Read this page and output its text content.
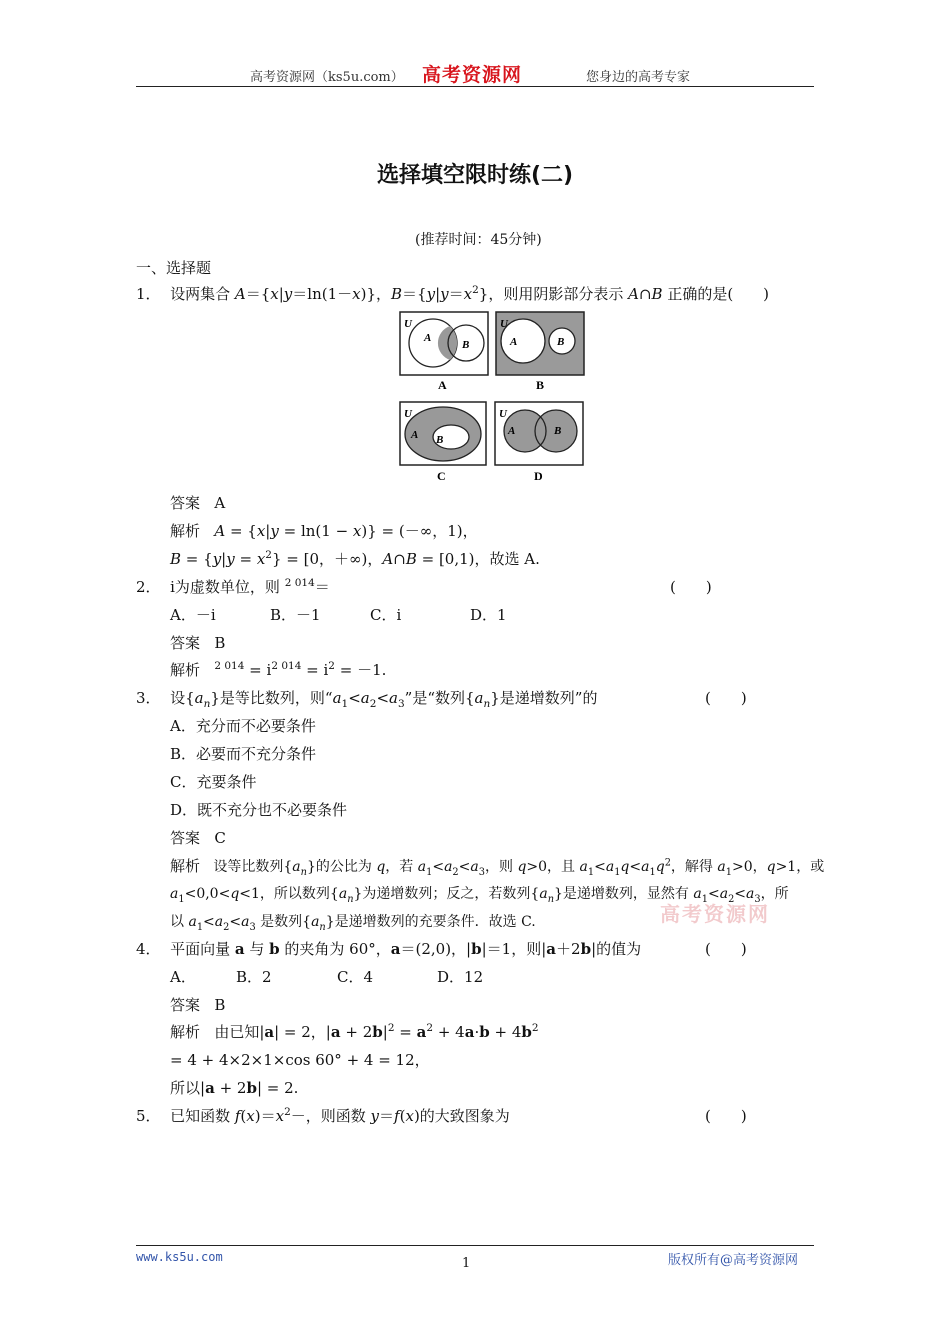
高考资源网（ks5u.com） 高考资源网	您身边的高考专家
选择填空限时练(二)
(推荐时间：45分钟)
一、选择题
1．  设两集合 A＝{x|y＝ln(1－x)}，$B=\{y|y=x^2\}$，则用阴影部分表示 A∩B 正确的是(　　)
U
A
B
A
U
A	B
B
U
A B
C
U
A	B
D
答案 A
解析 A = {x|y = ln(1 − x)} = (－∞，1)，
$B = \{y|y = x^2\} = [0$，＋∞)，A∩B = [0,1)，故选 A.
2． i为虚数单位，则 $^{2 014}$＝	(　　)
A．－i	B．－1	C．i	D．1
答案 B
解析 $^{2 014} = i^{2 014} = i^2 = -1$.
3．  设$\{a_n\}$是等比数列，则“$a_1<a_2<a_3$”是“数列$\{a_n\}$是递增数列”的	(　　)
A．充分而不必要条件
B．必要而不充分条件
C．充要条件
D．既不充分也不必要条件
答案 C
解析   设等比数列$\{a_n\}$的公比为 q，若 $a_1<a_2<a_3$，则 q>0，且 $a_1<a_1q<a_1q^2$，解得 $a_1>0$，q>1，或
$a_1<0,0<q<1$，所以数列$\{a_n\}$为递增数列；反之，若数列$\{a_n\}$是递增数列，显然有 $a_1<a_2<a_3$，所
以 $a_1<a_2<a_3$ 是数列$\{a_n\}$是递增数列的充要条件．故选 C.	高考资源网
4．  平面向量 a 与 b 的夹角为 60°，a＝(2,0)，|b|＝1，则|a＋2b|的值为	(　　)
A．	B．2	C．4	D．12
答案 B
解析   由已知|a| = 2，$|a + 2b|^2 = a^2 + 4a\cdot b + 4b^2$
= 4 + 4×2×1×cos 60° + 4 = 12，
所以|a + 2b| = 2.
5．  已知函数 $f(x)=x^2-$，则函数 y＝f(x)的大致图象为	(　　)
www.ks5u.com	1	版权所有@高考资源网
